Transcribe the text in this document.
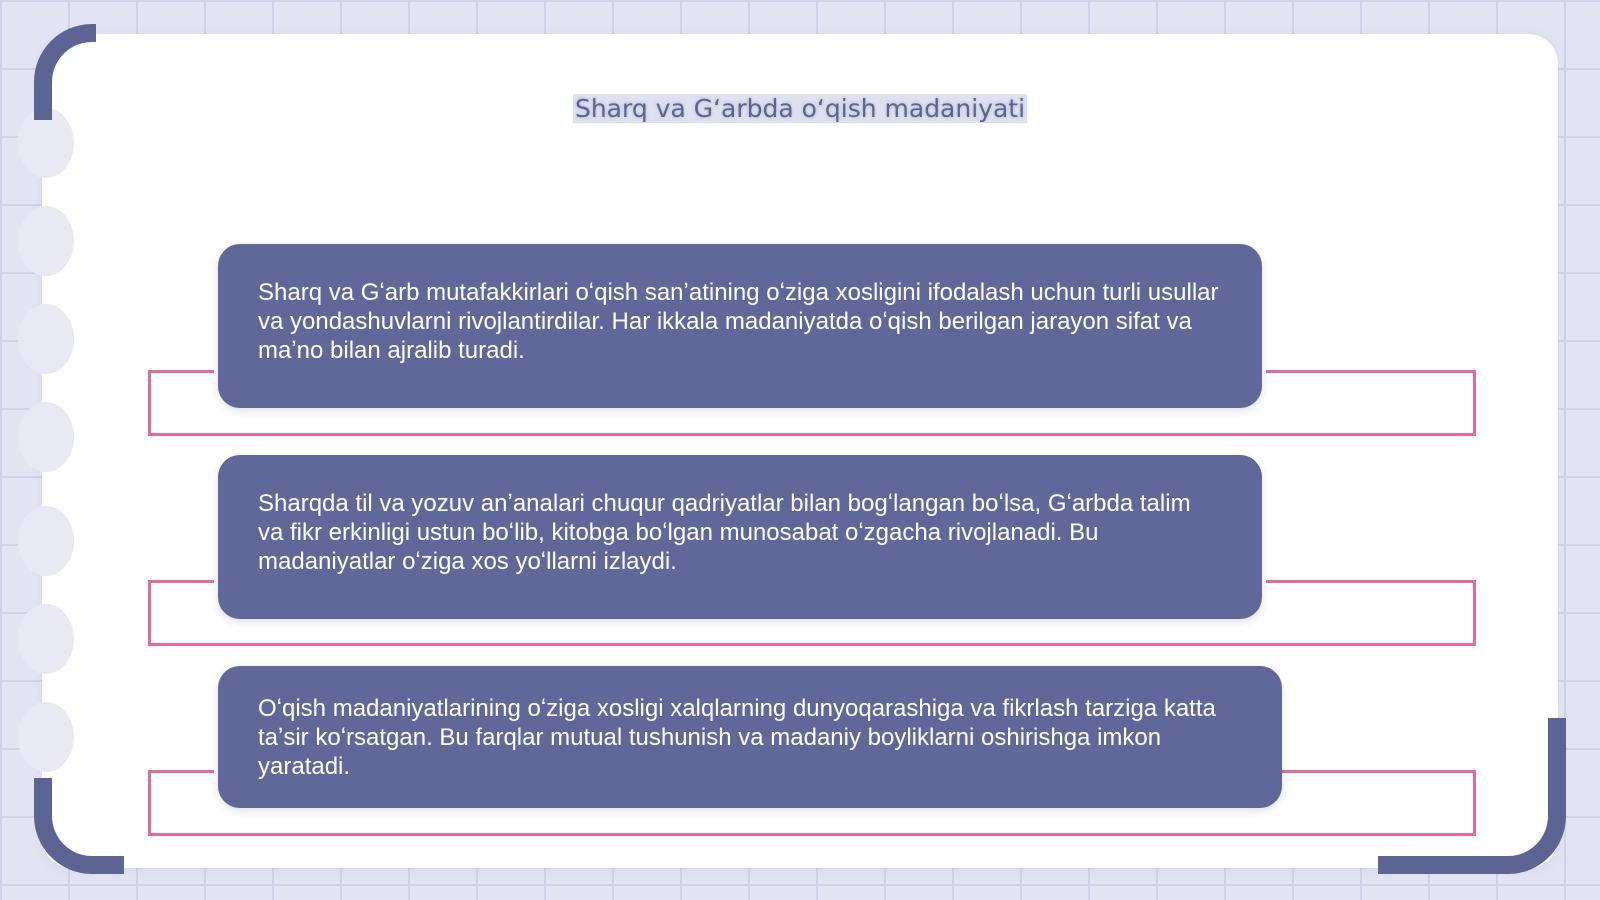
Sharq va Gʻarbda oʻqish madaniyati
Sharq va Gʻarb mutafakkirlari oʻqish sanʼatining oʻziga xosligini ifodalash uchun turli usullar va yondashuvlarni rivojlantirdilar. Har ikkala madaniyatda oʻqish berilgan jarayon sifat va maʼno bilan ajralib turadi.
Sharqda til va yozuv anʼanalari chuqur qadriyatlar bilan bogʻlangan boʻlsa, Gʻarbda talim va fikr erkinligi ustun boʻlib, kitobga boʻlgan munosabat oʻzgacha rivojlanadi. Bu madaniyatlar oʻziga xos yoʻllarni izlaydi.
Oʻqish madaniyatlarining oʻziga xosligi xalqlarning dunyoqarashiga va fikrlash tarziga katta taʼsir koʻrsatgan. Bu farqlar mutual tushunish va madaniy boyliklarni oshirishga imkon yaratadi.
